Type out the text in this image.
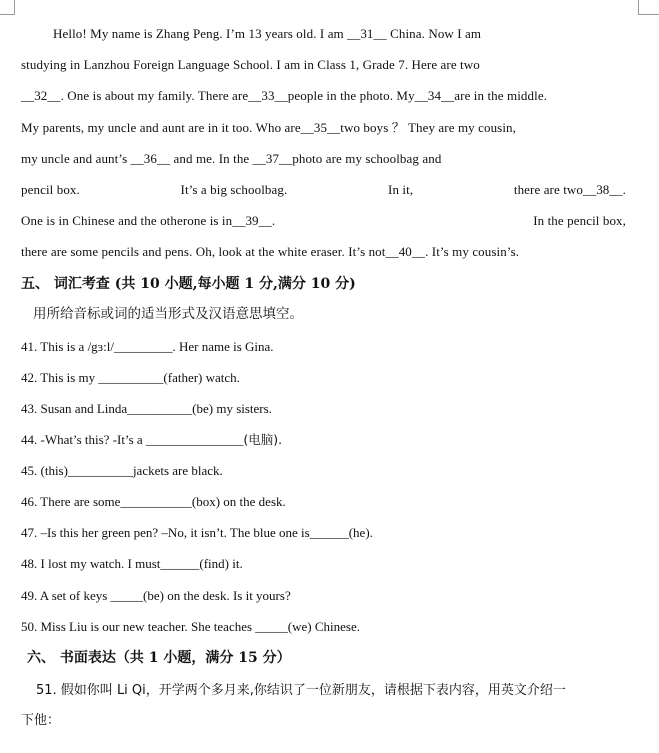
Hello! My name is Zhang Peng. I’m 13 years old. I am __31__ China. Now I am
studying in Lanzhou Foreign Language School. I am in Class 1, Grade 7. Here are two
__32__. One is about my family. There are__33__people in the photo. My__34__are in the middle.
My parents, my uncle and aunt are in it too. Who are__35__two boys ？ They are my cousin,
my uncle and aunt’s __36__ and me. In the __37__photo are my schoolbag and
pencil box.	It’s a big schoolbag.	In it,	there are two__38__.
One is in Chinese and the otherone is in__39__.	In the pencil box,
there are some pencils and pens. Oh, look at the white eraser. It’s not__40__. It’s my cousin’s.
五、 词汇考查 (共 10 小题,每小题 1 分,满分 10 分)
用所给音标或词的适当形式及汉语意思填空。
41. This is a /gɜ:l/_________. Her name is Gina.
42. This is my __________(father) watch.
43. Susan and Linda__________(be) my sisters.
44. -What’s this? -It’s a _______________(电脑).
45. (this)__________jackets are black.
46. There are some___________(box) on the desk.
47. –Is this her green pen? –No, it isn’t. The blue one is______(he).
48. I lost my watch. I must______(find) it.
49. A set of keys _____(be) on the desk. Is it yours?
50. Miss Liu is our new teacher. She teaches _____(we) Chinese.
六、 书面表达（共 1 小题，满分 15 分）
51. 假如你叫 Li Qi，开学两个多月来,你结识了一位新朋友，请根据下表内容，用英文介绍一
下他：
